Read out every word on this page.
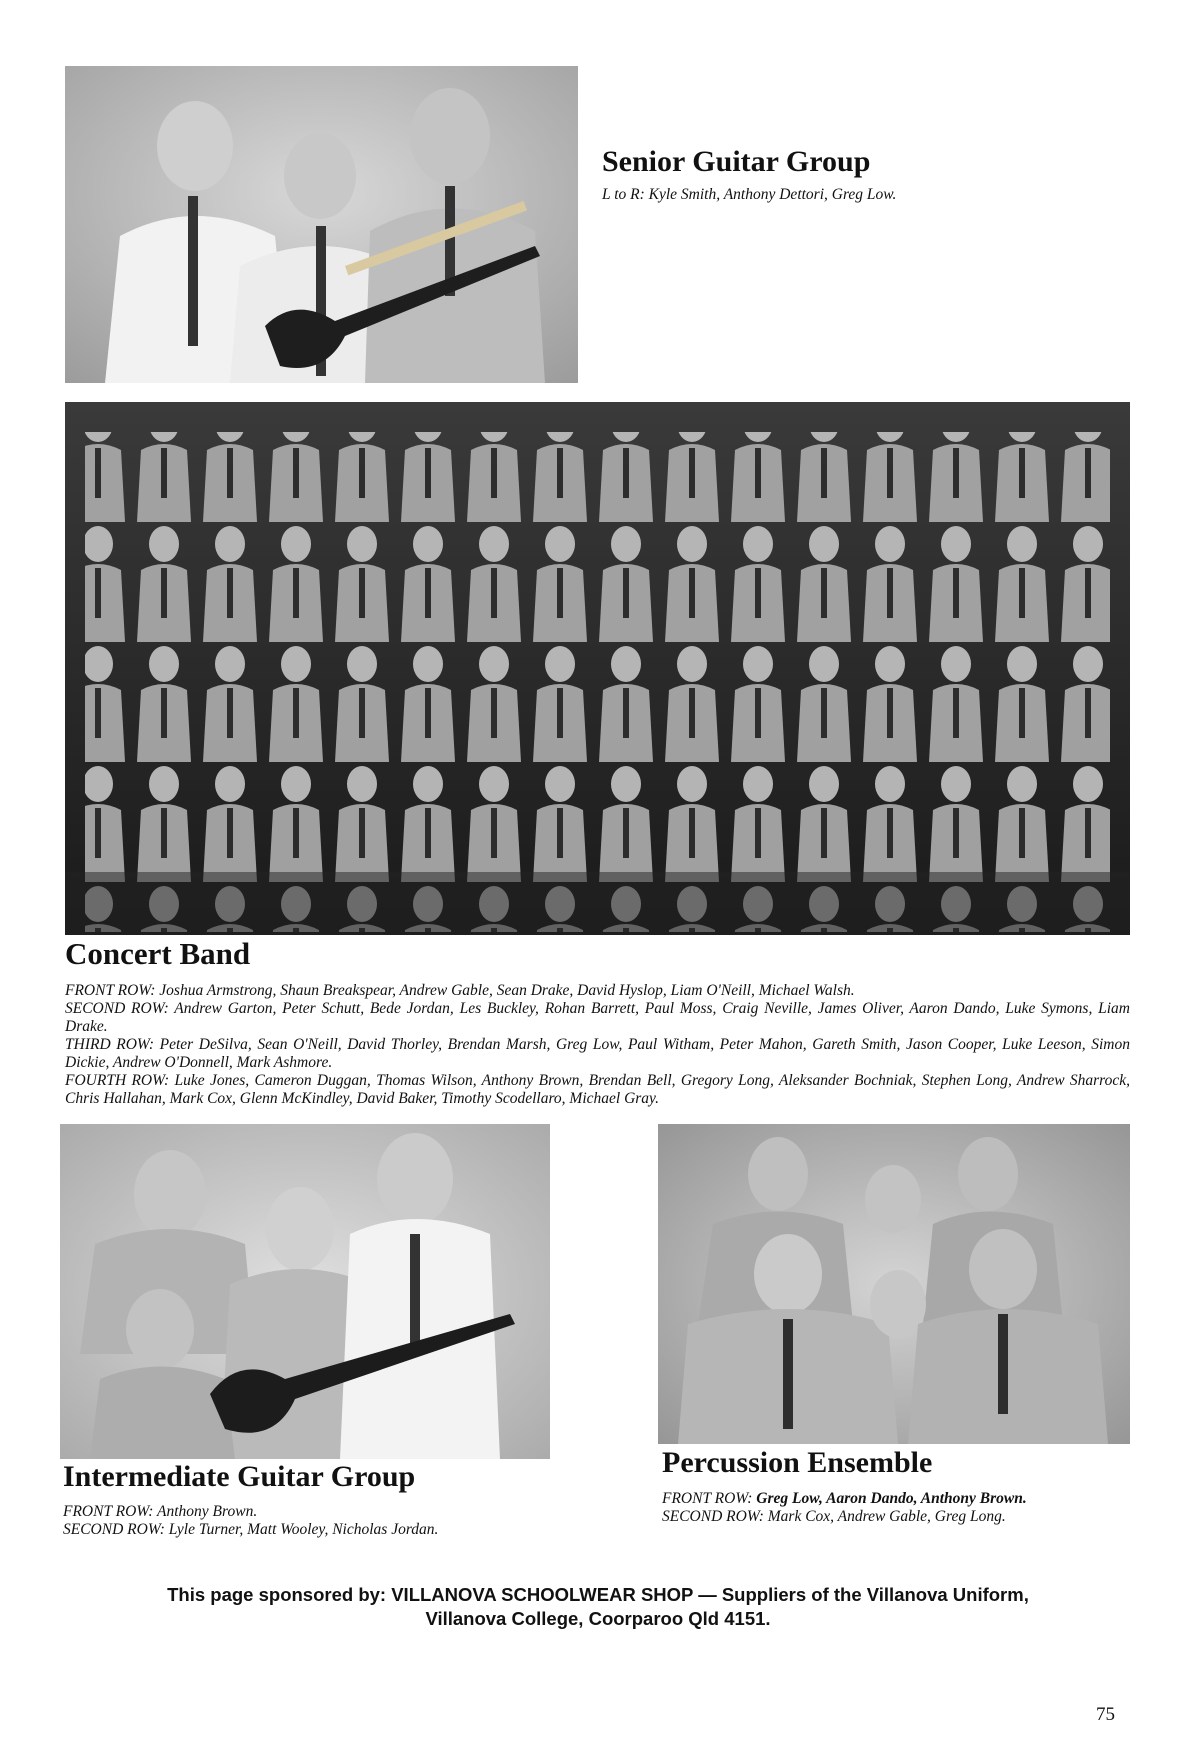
Senior Guitar Group

L to R: Kyle Smith, Anthony Dettori, Greg Low.

Concert Band

FRONT ROW: Joshua Armstrong, Shaun Breakspear, Andrew Gable, Sean Drake, David Hyslop, Liam O'Neill, Michael Walsh.

SECOND ROW: Andrew Garton, Peter Schutt, Bede Jordan, Les Buckley, Rohan Barrett, Paul Moss, Craig Neville, James Oliver, Aaron Dando, Luke Symons, Liam Drake.

THIRD ROW: Peter DeSilva, Sean O'Neill, David Thorley, Brendan Marsh, Greg Low, Paul Witham, Peter Mahon, Gareth Smith, Jason Cooper, Luke Leeson, Simon Dickie, Andrew O'Donnell, Mark Ashmore.

FOURTH ROW: Luke Jones, Cameron Duggan, Thomas Wilson, Anthony Brown, Brendan Bell, Gregory Long, Aleksander Bochniak, Stephen Long, Andrew Sharrock, Chris Hallahan, Mark Cox, Glenn McKindley, David Baker, Timothy Scodellaro, Michael Gray.

Intermediate Guitar Group
FRONT ROW: Anthony Brown.
SECOND ROW: Lyle Turner, Matt Wooley, Nicholas Jordan.
Percussion Ensemble
FRONT ROW: Greg Low, Aaron Dando, Anthony Brown.
SECOND ROW: Mark Cox, Andrew Gable, Greg Long.

This page sponsored by: VILLANOVA SCHOOLWEAR SHOP — Suppliers of the Villanova Uniform,
Villanova College, Coorparoo Qld 4151.

75
